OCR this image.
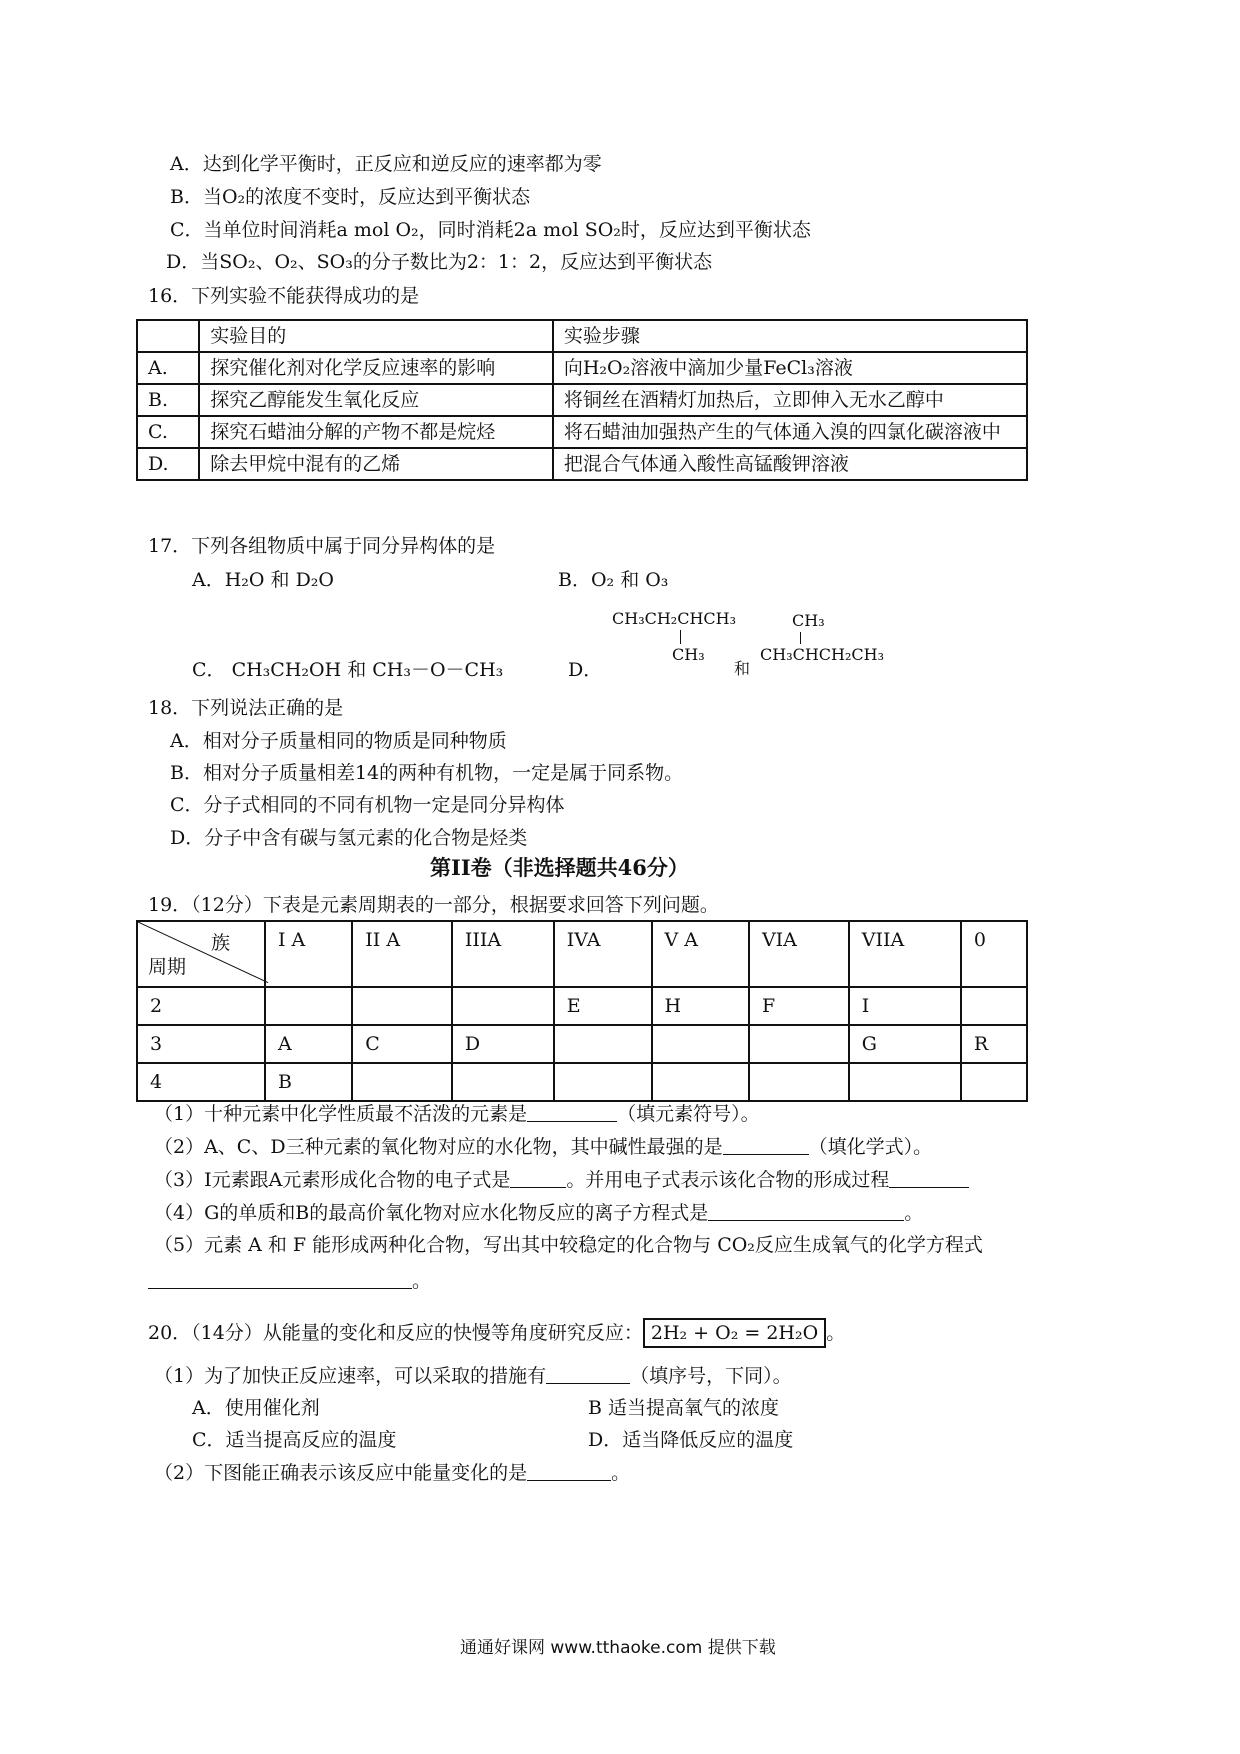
A．达到化学平衡时，正反应和逆反应的速率都为零
B．当O₂的浓度不变时，反应达到平衡状态
C．当单位时间消耗a mol O₂，同时消耗2a mol SO₂时，反应达到平衡状态
D．当SO₂、O₂、SO₃的分子数比为2：1：2，反应达到平衡状态
16．下列实验不能获得成功的是
	实验目的	实验步骤
A.	探究催化剂对化学反应速率的影响	向H₂O₂溶液中滴加少量FeCl₃溶液
B.	探究乙醇能发生氧化反应	将铜丝在酒精灯加热后，立即伸入无水乙醇中
C.	探究石蜡油分解的产物不都是烷烃	将石蜡油加强热产生的气体通入溴的四氯化碳溶液中
D.	除去甲烷中混有的乙烯	把混合气体通入酸性高锰酸钾溶液
17．下列各组物质中属于同分异构体的是
A．H₂O 和 D₂O	B．O₂ 和 O₃
C． CH₃CH₂OH 和 CH₃－O－CH₃	D．
CH₃CH₂CHCH₃
CH₃
和
CH₃
CH₃CHCH₂CH₃
18．下列说法正确的是
A．相对分子质量相同的物质是同种物质
B．相对分子质量相差14的两种有机物，一定是属于同系物。
C．分子式相同的不同有机物一定是同分异构体
D．分子中含有碳与氢元素的化合物是烃类
第II卷（非选择题共46分）
19．（12分）下表是元素周期表的一部分，根据要求回答下列问题。
族
周期	I A	II A	IIIA	IVA	V A	VIA	VIIA	0
2				E	H	F	I	
3	A	C	D				G	R
4	B							
（1）十种元素中化学性质最不活泼的元素是	（填元素符号）。
（2）A、C、D三种元素的氧化物对应的水化物，其中碱性最强的是	（填化学式）。
（3）I元素跟A元素形成化合物的电子式是	。并用电子式表示该化合物的形成过程
（4）G的单质和B的最高价氧化物对应水化物反应的离子方程式是	。
（5）元素 A 和 F 能形成两种化合物，写出其中较稳定的化合物与 CO₂反应生成氧气的化学方程式
。
20．（14分）从能量的变化和反应的快慢等角度研究反应： 2H₂ + O₂ = 2H₂O 。
（1）为了加快正反应速率，可以采取的措施有	（填序号，下同）。
A．使用催化剂	B 适当提高氧气的浓度
C．适当提高反应的温度	D．适当降低反应的温度
（2）下图能正确表示该反应中能量变化的是	。
通通好课网 www.tthaoke.com 提供下载
